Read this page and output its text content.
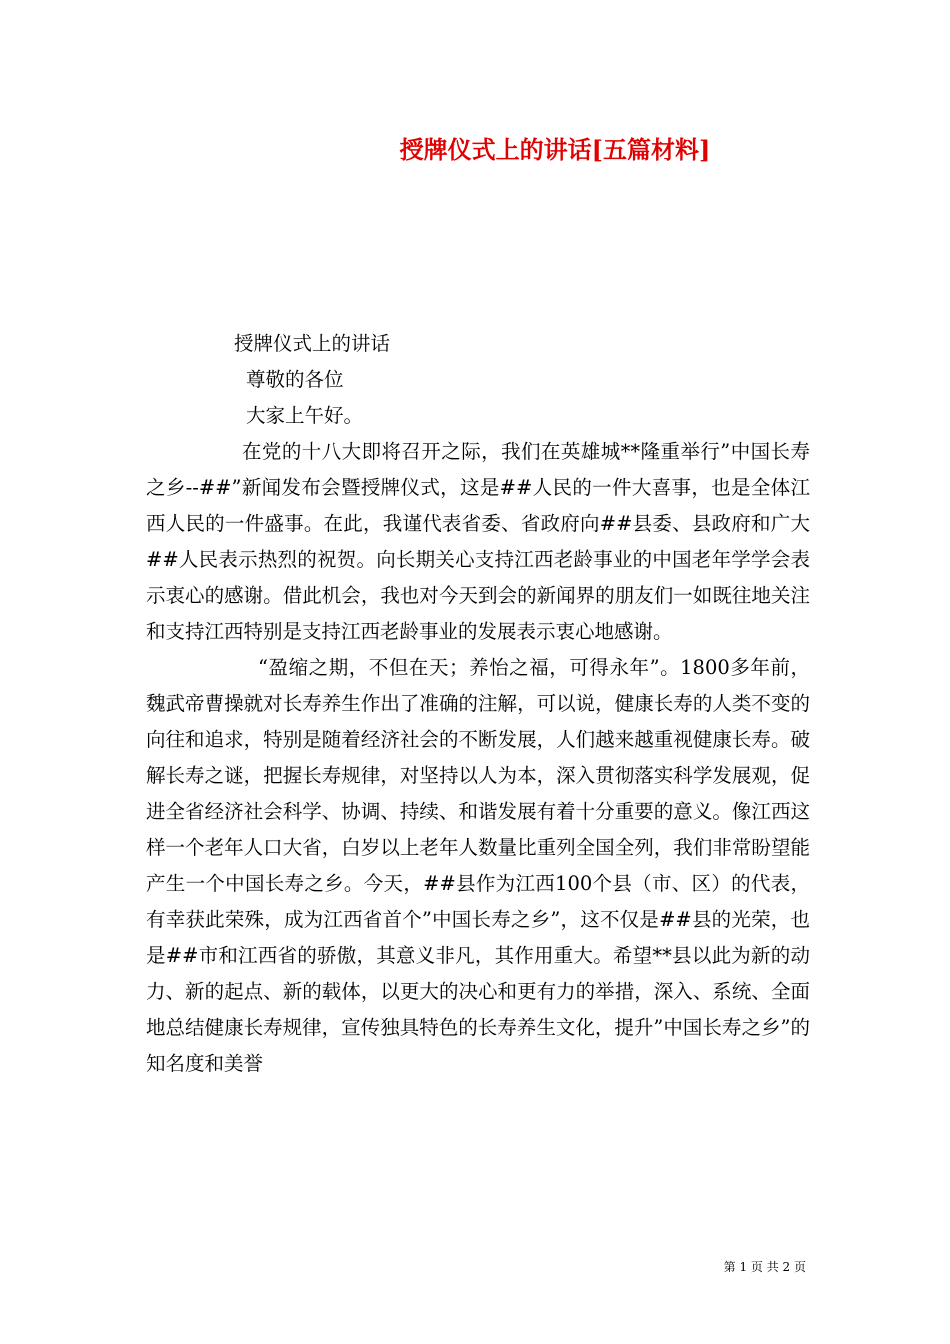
授牌仪式上的讲话[五篇材料]

授牌仪式上的讲话

尊敬的各位

大家上午好。

在党的十八大即将召开之际，我们在英雄城**隆重举行”中国长寿之乡--##”新闻发布会暨授牌仪式，这是##人民的一件大喜事，也是全体江西人民的一件盛事。在此，我谨代表省委、省政府向##县委、县政府和广大##人民表示热烈的祝贺。向长期关心支持江西老龄事业的中国老年学学会表示衷心的感谢。借此机会，我也对今天到会的新闻界的朋友们一如既往地关注和支持江西特别是支持江西老龄事业的发展表示衷心地感谢。

“盈缩之期，不但在天；养怡之福，可得永年”。1800多年前，魏武帝曹操就对长寿养生作出了准确的注解，可以说，健康长寿的人类不变的向往和追求，特别是随着经济社会的不断发展，人们越来越重视健康长寿。破解长寿之谜，把握长寿规律，对坚持以人为本，深入贯彻落实科学发展观，促进全省经济社会科学、协调、持续、和谐发展有着十分重要的意义。像江西这样一个老年人口大省，白岁以上老年人数量比重列全国全列，我们非常盼望能产生一个中国长寿之乡。今天，##县作为江西100个县（市、区）的代表，有幸获此荣殊，成为江西省首个”中国长寿之乡”，这不仅是##县的光荣，也是##市和江西省的骄傲，其意义非凡，其作用重大。希望**县以此为新的动力、新的起点、新的载体，以更大的决心和更有力的举措，深入、系统、全面地总结健康长寿规律，宣传独具特色的长寿养生文化，提升”中国长寿之乡”的知名度和美誉

第 1 页 共 2 页
